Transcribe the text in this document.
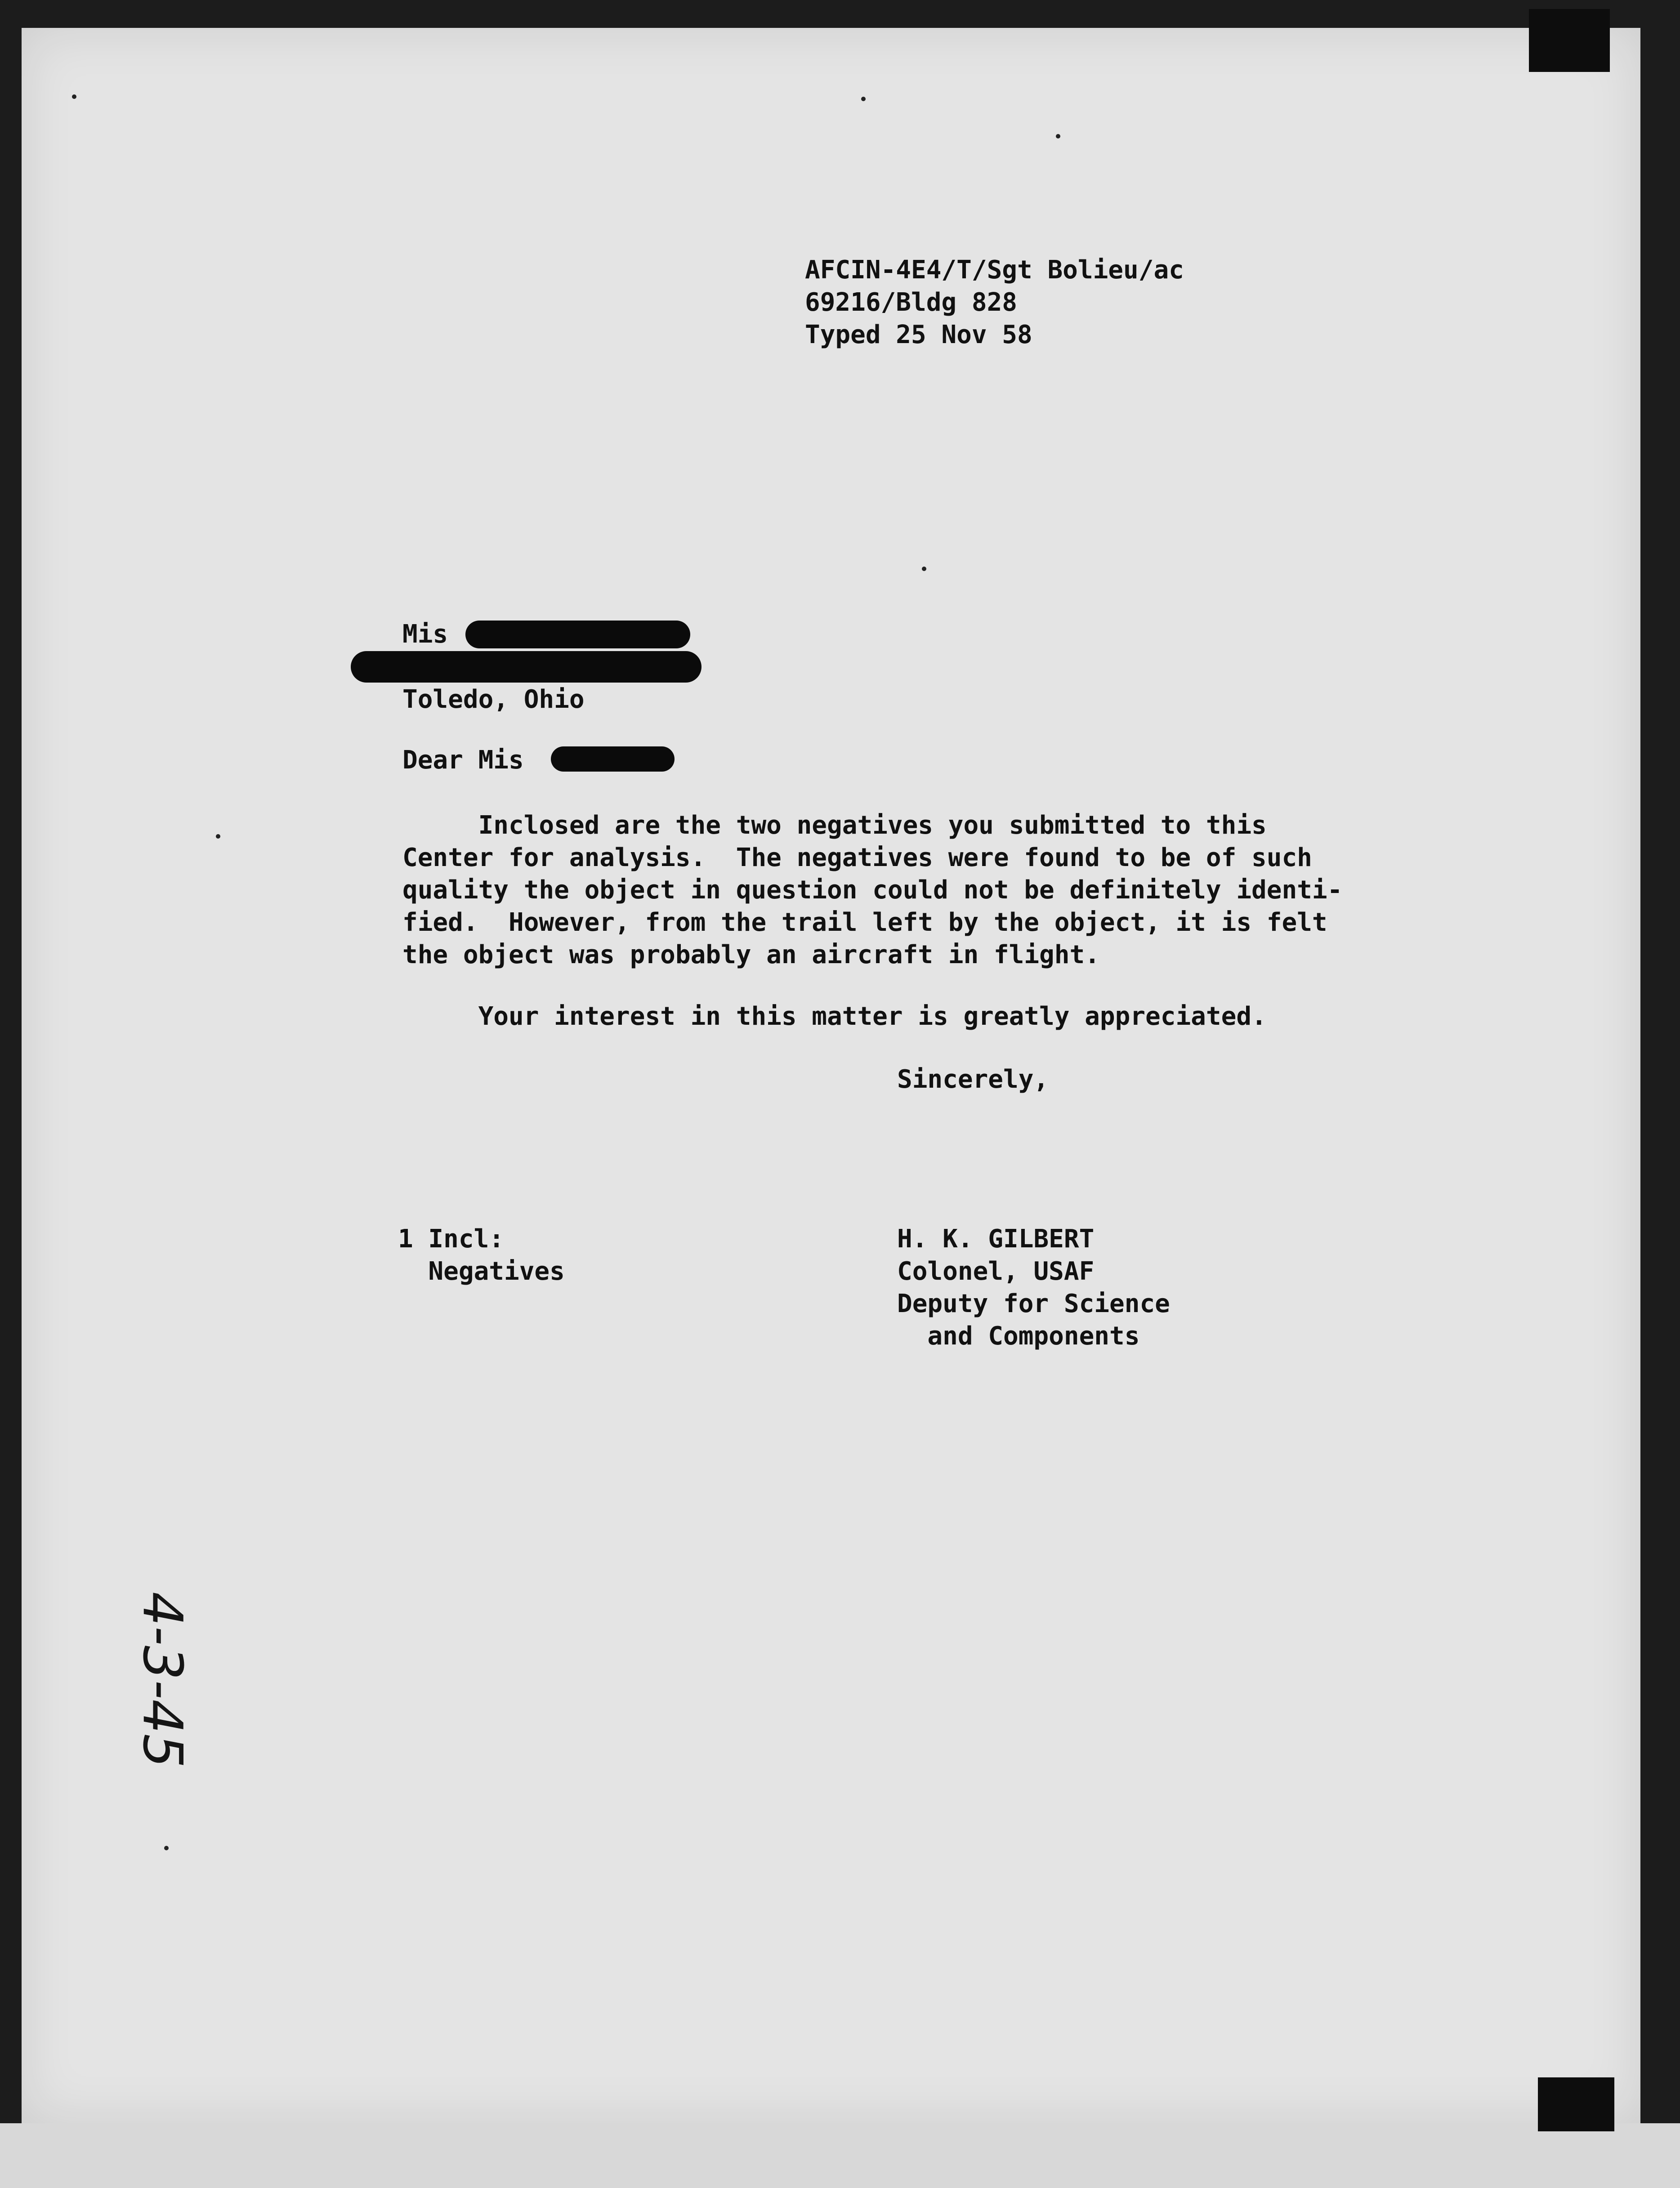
AFCIN-4E4/T/Sgt Bolieu/ac
69216/Bldg 828
Typed 25 Nov 58
Mis
Toledo, Ohio
Dear Mis
Inclosed are the two negatives you submitted to this
Center for analysis.  The negatives were found to be of such
quality the object in question could not be definitely identi-
fied.  However, from the trail left by the object, it is felt
the object was probably an aircraft in flight.
Your interest in this matter is greatly appreciated.
Sincerely,
1 Incl:
Negatives
H. K. GILBERT
Colonel, USAF
Deputy for Science
and Components
4-3-45
